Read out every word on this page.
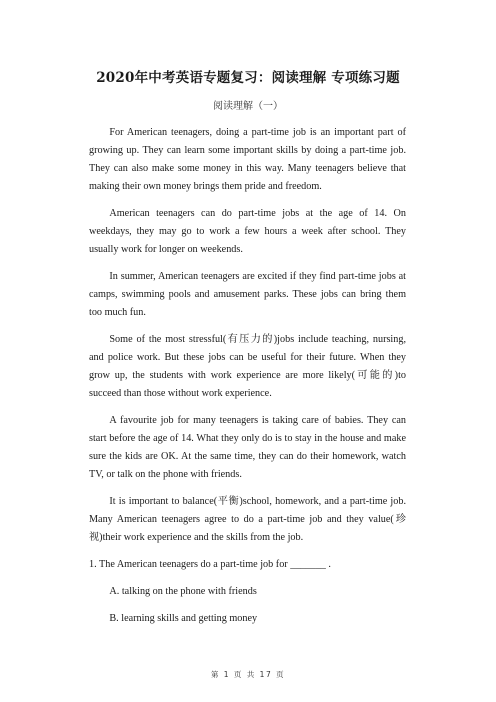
2020年中考英语专题复习：阅读理解 专项练习题
阅读理解（一）

For American teenagers, doing a part-time job is an important part of growing up. They can learn some important skills by doing a part-time job. They can also make some money in this way. Many teenagers believe that making their own money brings them pride and freedom.

American teenagers can do part-time jobs at the age of 14. On weekdays, they may go to work a few hours a week after school. They usually work for longer on weekends.

In summer, American teenagers are excited if they find part-time jobs at camps, swimming pools and amusement parks. These jobs can bring them too much fun.

Some of the most stressful(有压力的)jobs include teaching, nursing, and police work. But these jobs can be useful for their future. When they grow up, the students with work experience are more likely(可能的)to succeed than those without work experience.

A favourite job for many teenagers is taking care of babies. They can start before the age of 14. What they only do is to stay in the house and make sure the kids are OK. At the same time, they can do their homework, watch TV, or talk on the phone with friends.

It is important to balance(平衡)school, homework, and a part-time job. Many American teenagers agree to do a part-time job and they value(珍视)their work experience and the skills from the job.

1. The American teenagers do a part-time job for _______ .

A. talking on the phone with friends

B. learning skills and getting money

第 1 页 共 17 页
